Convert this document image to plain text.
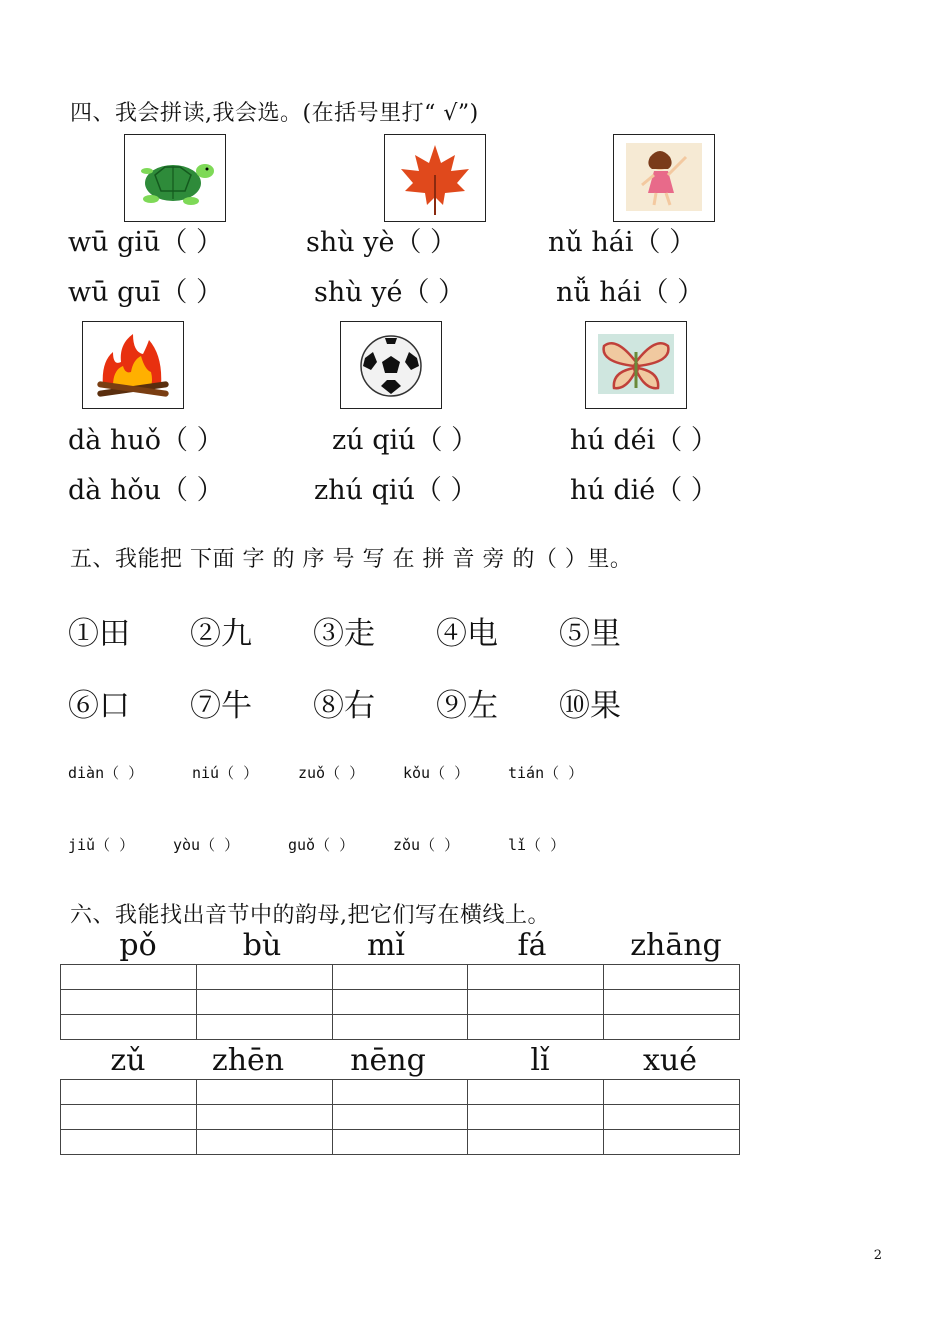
四、我会拼读,我会选。(在括号里打“ √”)
wū giū（ ）
wū guī（ ）
shù yè（ ）
shù yé（ ）
nǔ hái（ ）
nǚ hái（ ）
dà huǒ（ ）
dà hǒu（ ）
zú qiú（ ）
zhú qiú（ ）
hú déi（ ）
hú dié（ ）
五、我能把 下面 字 的 序 号 写 在 拼 音 旁 的（ ）里。
①田 ②九 ③走 ④电 ⑤里
⑥口 ⑦牛 ⑧右 ⑨左 ⑩果
diàn（ ）	niú（ ）	zuǒ（ ）	kǒu（ ）	tián（ ）
jiǔ（ ）	yòu（ ）	guǒ（ ）	zǒu（ ）	lǐ（ ）
六、我能找出音节中的韵母,把它们写在横线上。
pǒ	bù	mǐ	fá	zhāng

zǔ	zhēn	nēng	lǐ	xué

2
